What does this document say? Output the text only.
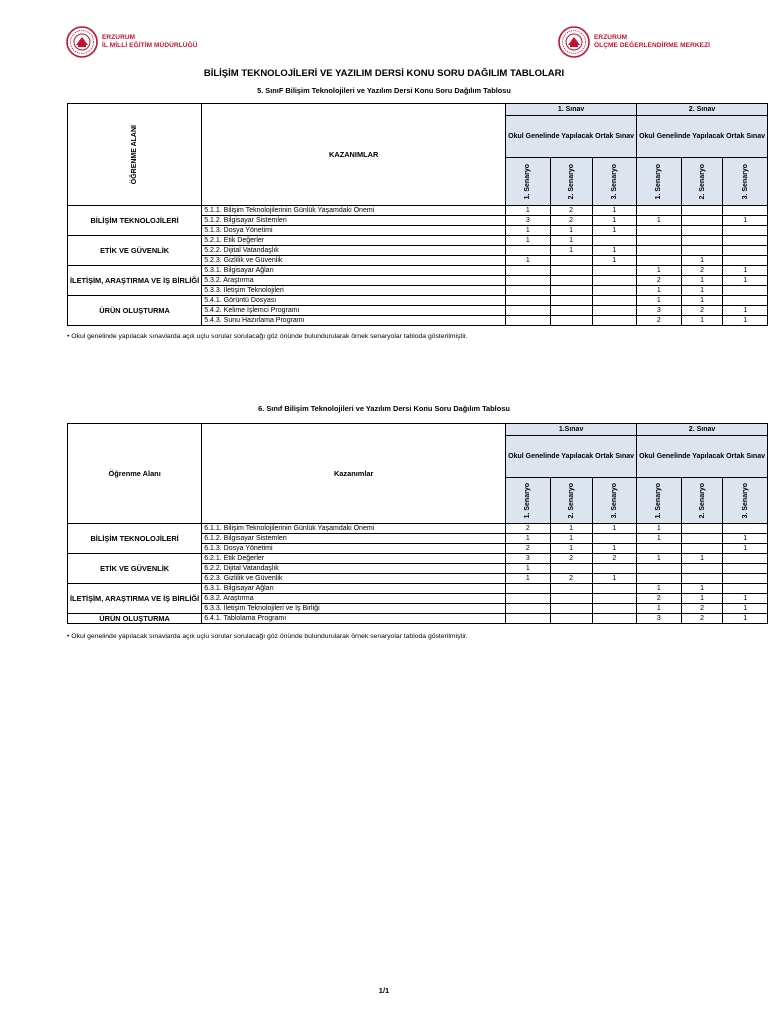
ERZURUM
İL MİLLİ EĞİTİM MÜDÜRLÜĞÜ
ERZURUM
ÖLÇME DEĞERLENDİRME MERKEZİ
BİLİŞİM TEKNOLOJİLERİ VE YAZILIM DERSİ KONU SORU DAĞILIM TABLOLARI
5. SınıF Bilişim Teknolojileri ve Yazılım Dersi Konu Soru Dağılım Tablosu
ÖĞRENME ALANI	KAZANIMLAR	1. Sınav			2. Sınav		
		Okul Genelinde Yapılacak Ortak Sınav			Okul Genelinde Yapılacak Ortak Sınav		

		1. Senaryo	2. Senaryo	3. Senaryo	1. Senaryo	2. Senaryo	3. Senaryo

BİLİŞİM TEKNOLOJİLERİ	5.1.1. Bilişim Teknolojilerinin Günlük Yaşamdaki Önemi	1	2	1			
	5.1.2. Bilgisayar Sistemleri	3	2	1	1		1
	5.1.3. Dosya Yönetimi	1	1	1			
ETİK VE GÜVENLİK	5.2.1. Etik Değerler	1	1				
	5.2.2. Dijital Vatandaşlık		1	1			
	5.2.3. Gizlilik ve Güvenlik	1		1		1	
İLETİŞİM, ARAŞTIRMA VE İŞ BİRLİĞİ	5.3.1. Bilgisayar Ağları				1	2	1
	5.3.2. Araştırma				2	1	1
	5.3.3. İletişim Teknolojileri				1	1	
ÜRÜN OLUŞTURMA	5.4.1. Görüntü Dosyası				1	1	
	5.4.2. Kelime İşlemci Programı				3	2	1
	5.4.3. Sunu Hazırlama Programı				2	1	1
• Okul genelinde yapılacak sınavlarda açık uçlu sorular sorulacağı göz önünde bulundurularak örnek senaryolar tabloda gösterilmiştir.
6. Sınıf Bilişim Teknolojileri ve Yazılım Dersi Konu Soru Dağılım Tablosu
Öğrenme Alanı	Kazanımlar	1.Sınav			2. Sınav		
		Okul Genelinde Yapılacak Ortak Sınav			Okul Genelinde Yapılacak Ortak Sınav		

		1. Senaryo	2. Senaryo	3. Senaryo	1. Senaryo	2. Senaryo	3. Senaryo

BİLİŞİM TEKNOLOJİLERİ	6.1.1. Bilişim Teknolojilerinin Günlük Yaşamdaki Önemi	2	1	1	1		
	6.1.2. Bilgisayar Sistemleri	1	1		1		1
	6.1.3. Dosya Yönetimi	2	1	1			1
ETİK VE GÜVENLİK	6.2.1. Etik Değerler	3	2	2	1	1	
	6.2.2. Dijital Vatandaşlık	1					
	6.2.3. Gizlilik ve Güvenlik	1	2	1			
İLETİŞİM, ARAŞTIRMA VE İŞ BİRLİĞİ	6.3.1. Bilgisayar Ağları				1	1	
	6.3.2. Araştırma				2	1	1
	6.3.3. İletişim Teknolojileri ve İş Birliği				1	2	1
ÜRÜN OLUŞTURMA	6.4.1. Tablolama Programı				3	2	1
• Okul genelinde yapılacak sınavlarda açık uçlu sorular sorulacağı göz önünde bulundurularak örnek senaryolar tabloda gösterilmiştir.
1/1
